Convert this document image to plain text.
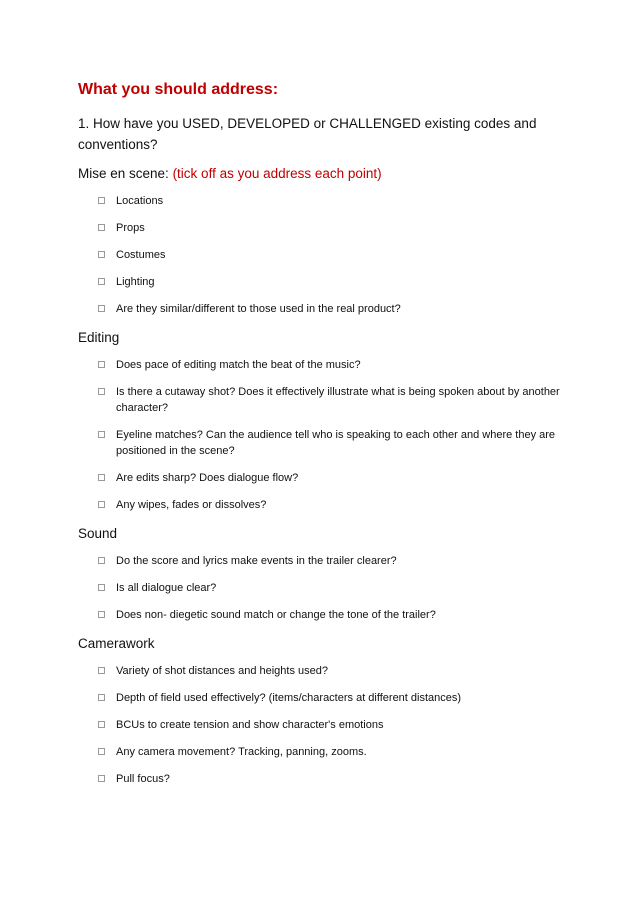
What you should address:
1. How have you USED, DEVELOPED or CHALLENGED existing codes and conventions?
Mise en scene: (tick off as you address each point)
Locations
Props
Costumes
Lighting
Are they similar/different to those used in the real product?
Editing
Does pace of editing match the beat of the music?
Is there a cutaway shot? Does it effectively illustrate what is being spoken about by another character?
Eyeline matches? Can the audience tell who is speaking to each other and where they are positioned in the scene?
Are edits sharp? Does dialogue flow?
Any wipes, fades or dissolves?
Sound
Do the score and lyrics make events in the trailer clearer?
Is all dialogue clear?
Does non- diegetic sound match or change the tone of the trailer?
Camerawork
Variety of shot distances and heights used?
Depth of field used effectively? (items/characters at different distances)
BCUs to create tension and show character's emotions
Any camera movement? Tracking, panning, zooms.
Pull focus?
